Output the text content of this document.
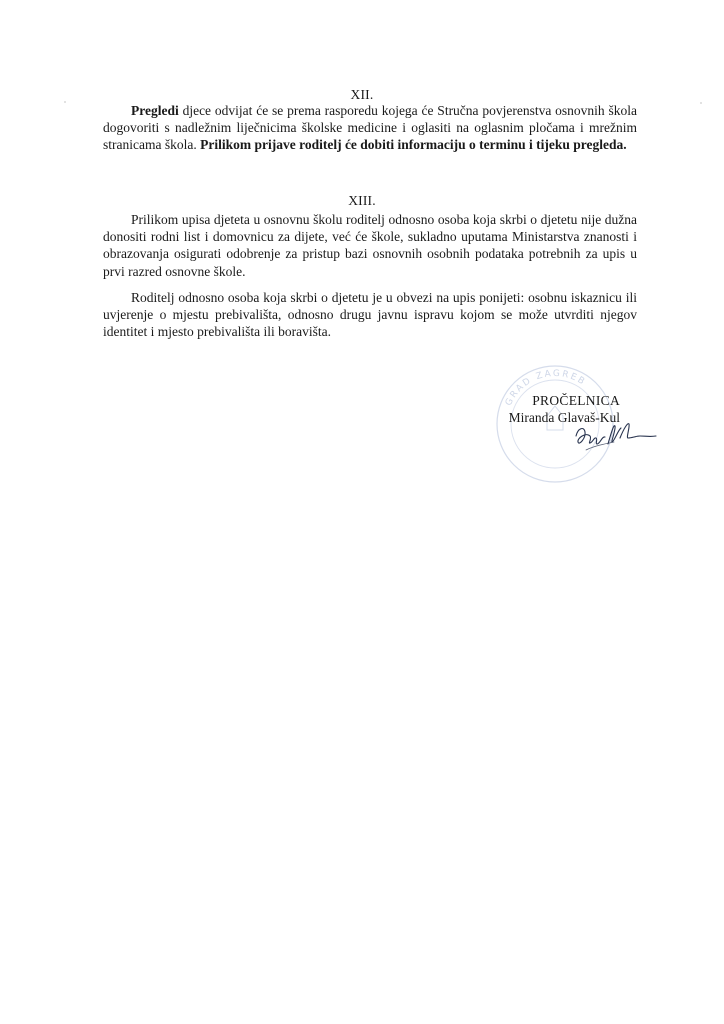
XII.

Pregledi djece odvijat će se prema rasporedu kojega će Stručna povjerenstva osnovnih škola dogovoriti s nadležnim liječnicima školske medicine i oglasiti na oglasnim pločama i mrežnim stranicama škola. Prilikom prijave roditelj će dobiti informaciju o terminu i tijeku pregleda.

XIII.

Prilikom upisa djeteta u osnovnu školu roditelj odnosno osoba koja skrbi o djetetu nije dužna donositi rodni list i domovnicu za dijete, već će škole, sukladno uputama Ministarstva znanosti i obrazovanja osigurati odobrenje za pristup bazi osnovnih osobnih podataka potrebnih za upis u prvi razred osnovne škole.

Roditelj odnosno osoba koja skrbi o djetetu je u obvezi na upis ponijeti: osobnu iskaznicu ili uvjerenje o mjestu prebivališta, odnosno drugu javnu ispravu kojom se može utvrditi njegov identitet i mjesto prebivališta ili boravišta.

GRAD ZAGREB
PROČELNICA
Miranda Glavaš-Kul
